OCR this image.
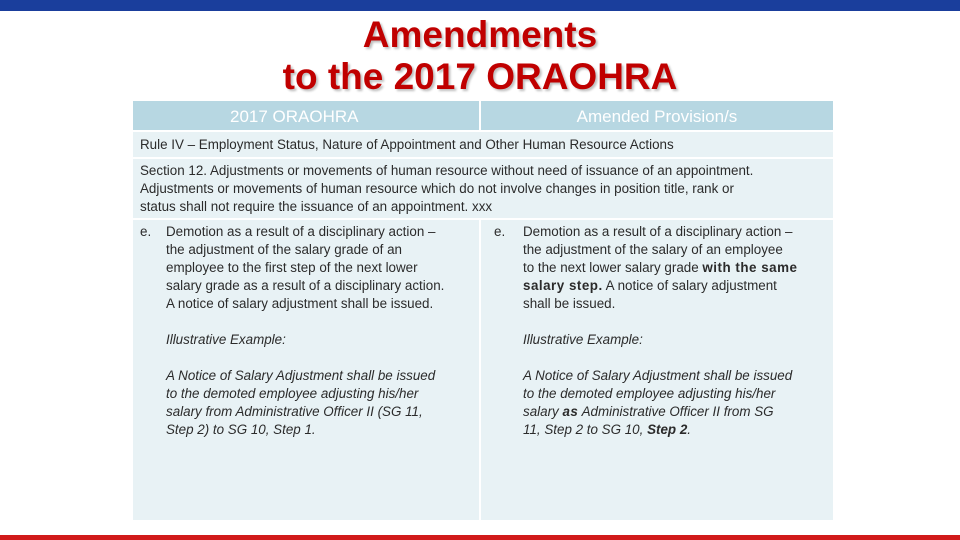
Amendments
to the 2017 ORAOHRA
2017 ORAOHRA	Amended Provision/s
Rule IV – Employment Status, Nature of Appointment and Other Human Resource Actions
Section 12. Adjustments or movements of human resource without need of issuance of an appointment.
Adjustments or movements of human resource which do not involve changes in position title, rank or
status shall not require the issuance of an appointment. xxx
e. Demotion as a result of a disciplinary action –
the adjustment of the salary grade of an
employee to the first step of the next lower
salary grade as a result of a disciplinary action.
A notice of salary adjustment shall be issued.
Illustrative Example:
A Notice of Salary Adjustment shall be issued
to the demoted employee adjusting his/her
salary from Administrative Officer II (SG 11,
Step 2) to SG 10, Step 1.
e. Demotion as a result of a disciplinary action –
the adjustment of the salary of an employee
to the next lower salary grade with the same
salary step. A notice of salary adjustment
shall be issued.
Illustrative Example:
A Notice of Salary Adjustment shall be issued
to the demoted employee adjusting his/her
salary as Administrative Officer II from SG
11, Step 2 to SG 10, Step 2.
